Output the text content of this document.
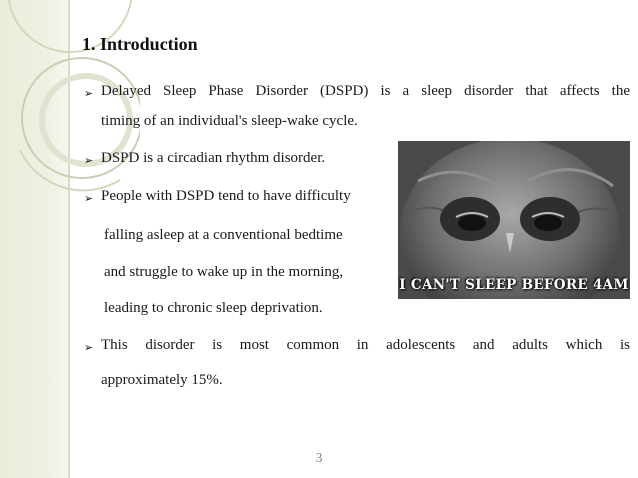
1. Introduction
➢ Delayed Sleep Phase Disorder (DSPD) is a sleep disorder that affects the
timing of an individual's sleep-wake cycle.
➢ DSPD is a circadian rhythm disorder.
➢ People with DSPD tend to have difficulty
falling asleep at a conventional bedtime
and struggle to wake up in the morning,
leading to chronic sleep deprivation.
➢ This disorder is most common in adolescents and adults which is
approximately 15%.
I CAN'T SLEEP BEFORE 4AM
3
